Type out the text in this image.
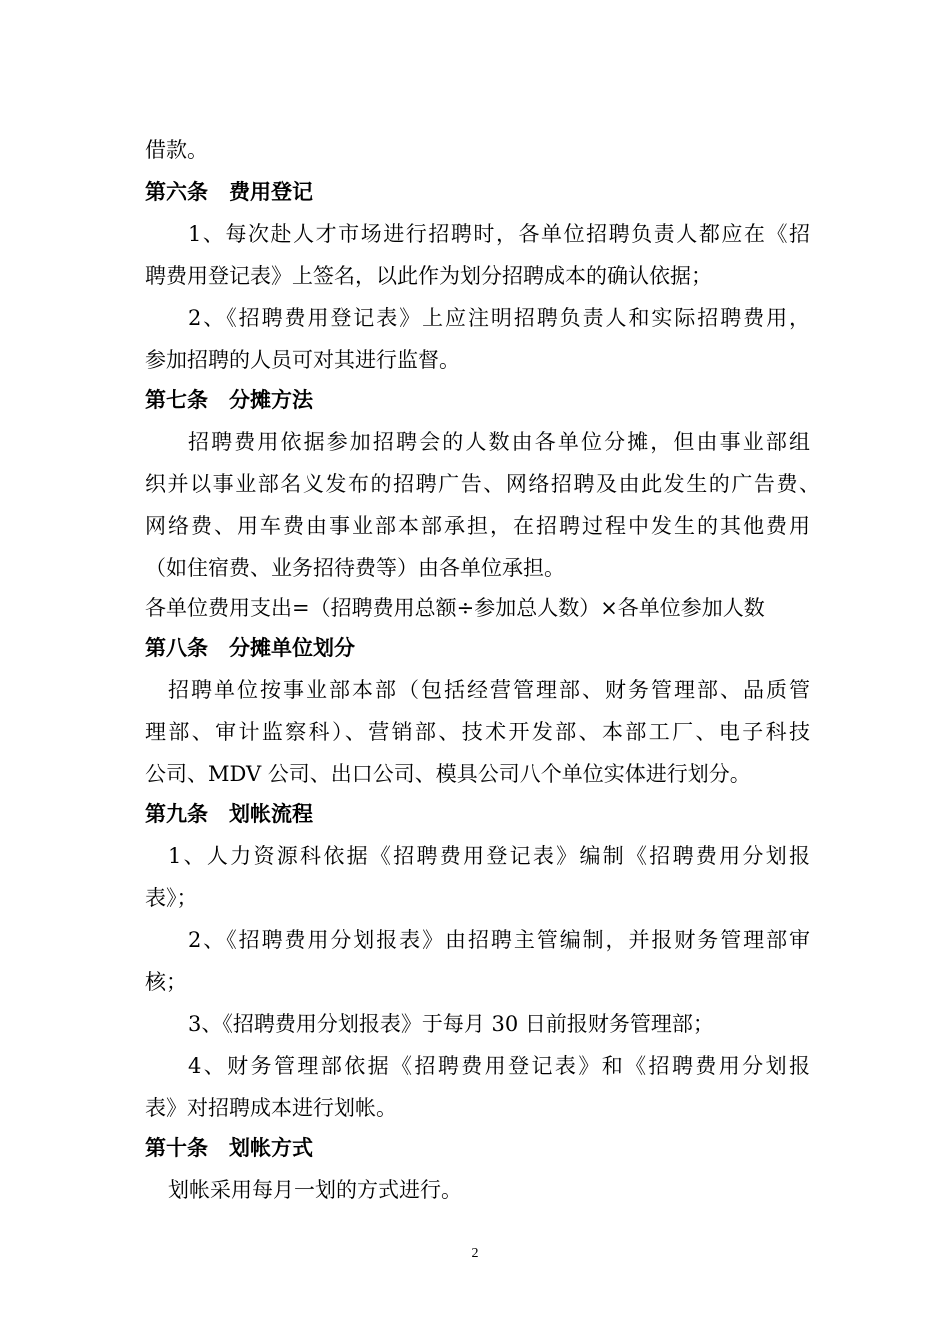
借款。
第六条　费用登记
1、每次赴人才市场进行招聘时，各单位招聘负责人都应在《招
聘费用登记表》上签名，以此作为划分招聘成本的确认依据；
2、《招聘费用登记表》上应注明招聘负责人和实际招聘费用，
参加招聘的人员可对其进行监督。
第七条　分摊方法
招聘费用依据参加招聘会的人数由各单位分摊，但由事业部组
织并以事业部名义发布的招聘广告、网络招聘及由此发生的广告费、
网络费、用车费由事业部本部承担，在招聘过程中发生的其他费用
（如住宿费、业务招待费等）由各单位承担。
各单位费用支出=（招聘费用总额÷参加总人数）×各单位参加人数
第八条　分摊单位划分
招聘单位按事业部本部（包括经营管理部、财务管理部、品质管
理部、审计监察科）、营销部、技术开发部、本部工厂、电子科技
公司、MDV 公司、出口公司、模具公司八个单位实体进行划分。
第九条　划帐流程
1、人力资源科依据《招聘费用登记表》编制《招聘费用分划报
表》；
2、《招聘费用分划报表》由招聘主管编制，并报财务管理部审
核；
3、《招聘费用分划报表》于每月 30 日前报财务管理部；
4、财务管理部依据《招聘费用登记表》和《招聘费用分划报
表》对招聘成本进行划帐。
第十条　划帐方式
划帐采用每月一划的方式进行。
2
